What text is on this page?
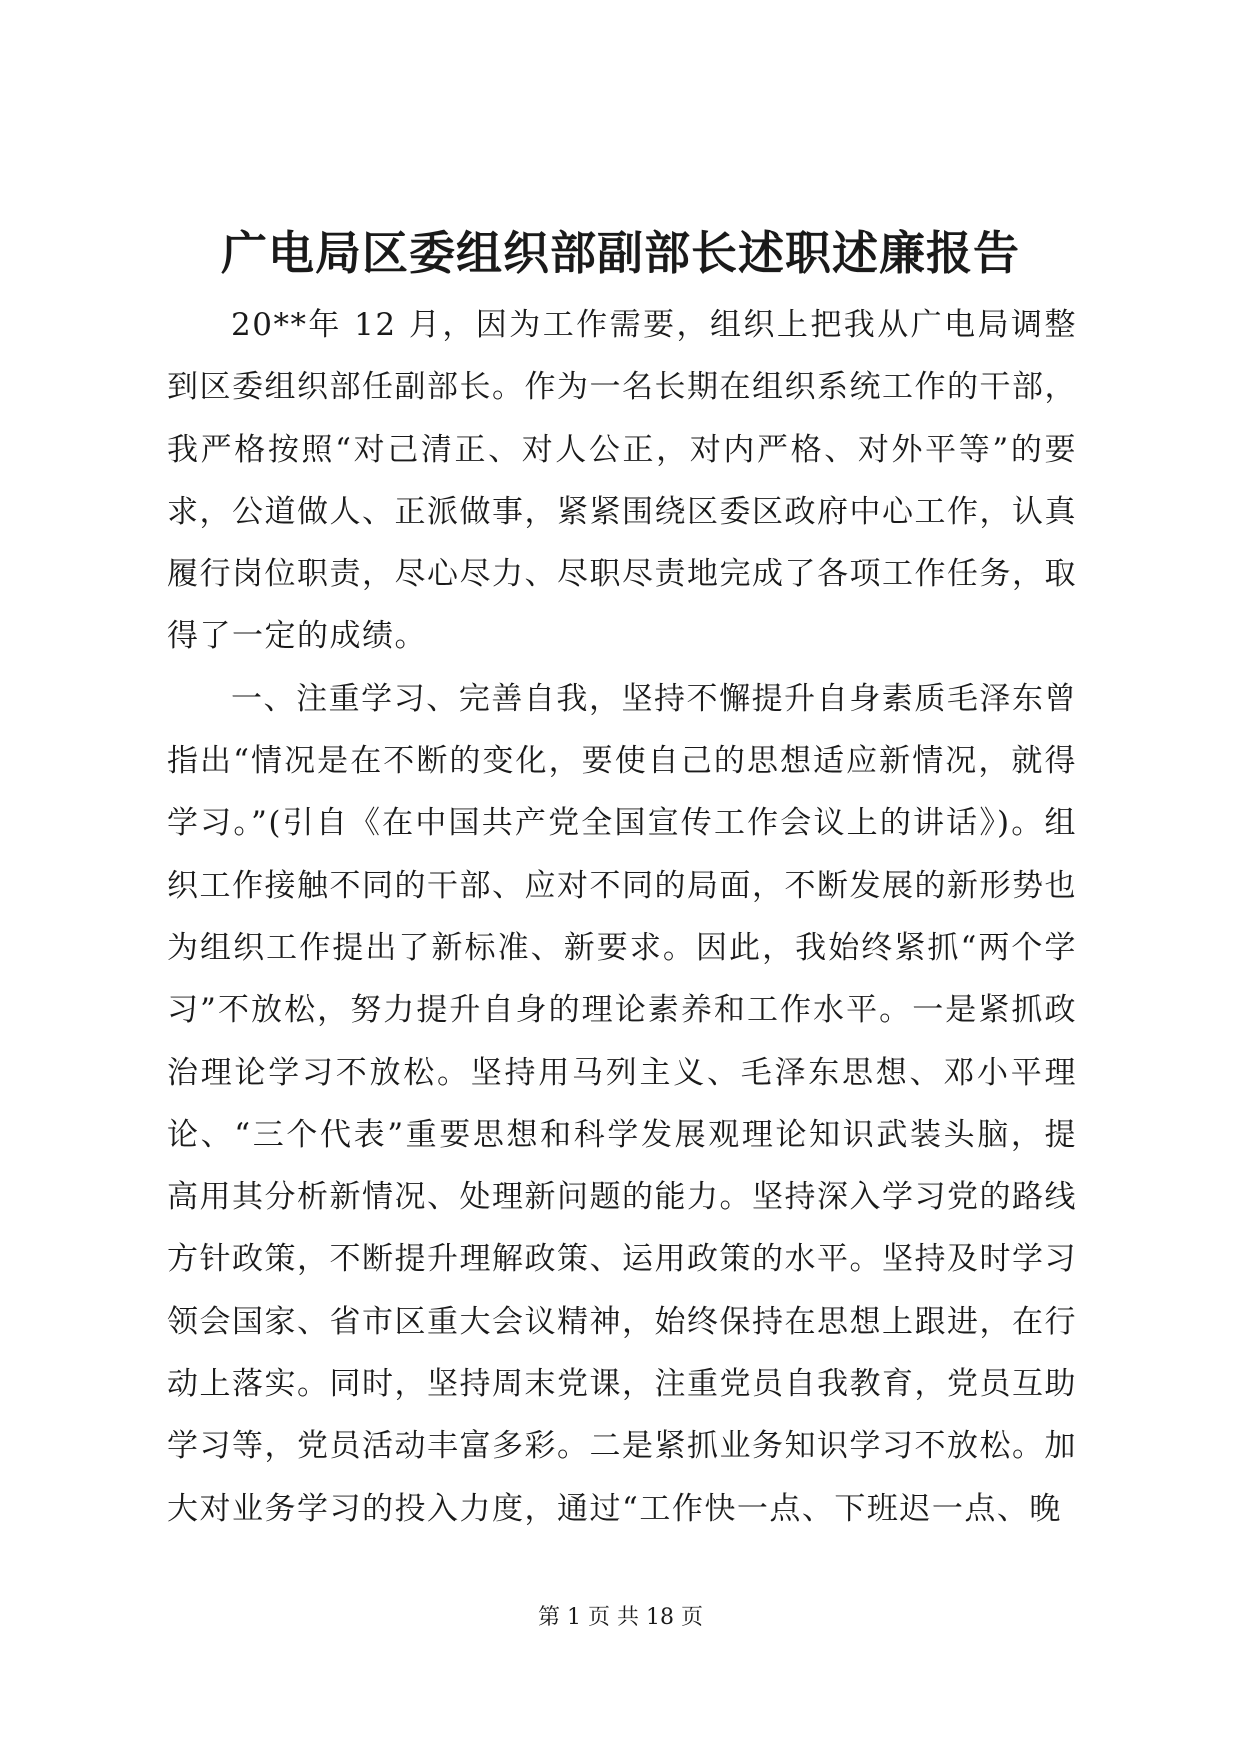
广电局区委组织部副部长述职述廉报告

20**年 12 月，因为工作需要，组织上把我从广电局调整到区委组织部任副部长。作为一名长期在组织系统工作的干部，我严格按照“对己清正、对人公正，对内严格、对外平等”的要求，公道做人、正派做事，紧紧围绕区委区政府中心工作，认真履行岗位职责，尽心尽力、尽职尽责地完成了各项工作任务，取得了一定的成绩。

一、注重学习、完善自我，坚持不懈提升自身素质毛泽东曾指出“情况是在不断的变化，要使自己的思想适应新情况，就得学习。”(引自《在中国共产党全国宣传工作会议上的讲话》)。组织工作接触不同的干部、应对不同的局面，不断发展的新形势也为组织工作提出了新标准、新要求。因此，我始终紧抓“两个学习”不放松，努力提升自身的理论素养和工作水平。一是紧抓政治理论学习不放松。坚持用马列主义、毛泽东思想、邓小平理论、“三个代表”重要思想和科学发展观理论知识武装头脑，提高用其分析新情况、处理新问题的能力。坚持深入学习党的路线方针政策，不断提升理解政策、运用政策的水平。坚持及时学习领会国家、省市区重大会议精神，始终保持在思想上跟进，在行动上落实。同时，坚持周末党课，注重党员自我教育，党员互助学习等，党员活动丰富多彩。二是紧抓业务知识学习不放松。加大对业务学习的投入力度，通过“工作快一点、下班迟一点、晚

第 1 页 共 18 页
